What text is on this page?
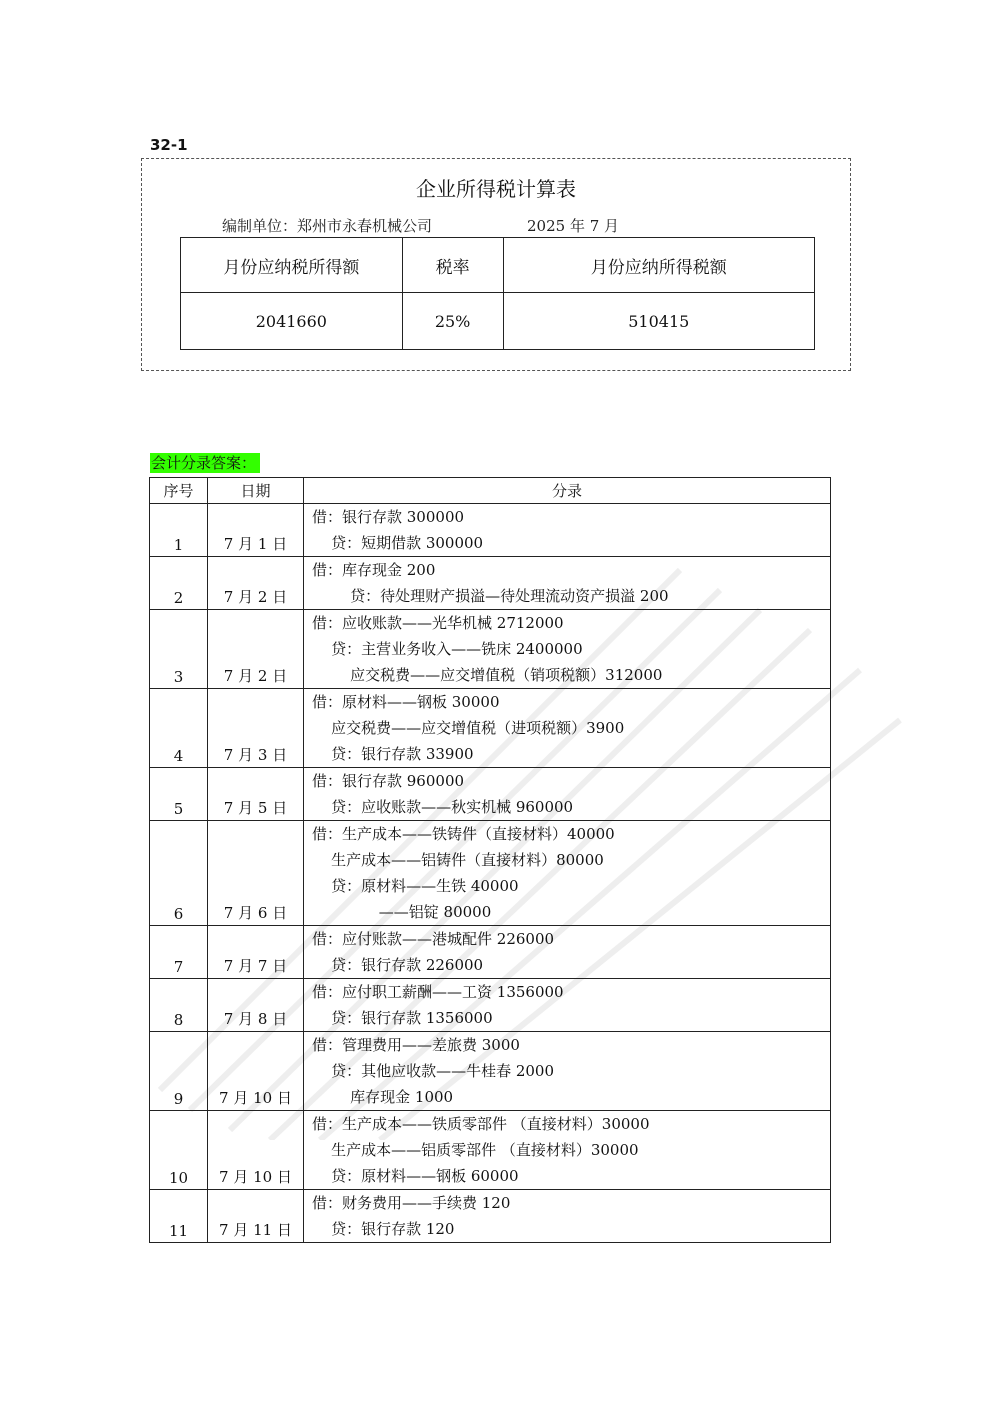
32-1
企业所得税计算表
编制单位：郑州市永春机械公司	2025 年 7 月
月份应纳税所得额	税率	月份应纳所得税额
2041660	25%	510415
会计分录答案：
序号	日期	分录
1	7 月 1 日	借：银行存款 300000
贷：短期借款 300000

2	7 月 2 日	借：库存现金 200
贷：待处理财产损溢—待处理流动资产损溢 200

3	7 月 2 日	借：应收账款——光华机械 2712000
贷：主营业务收入——铣床 2400000
应交税费——应交增值税（销项税额）312000

4	7 月 3 日	借：原材料——钢板 30000
应交税费——应交增值税（进项税额）3900
贷：银行存款 33900

5	7 月 5 日	借：银行存款 960000
贷：应收账款——秋实机械 960000

6	7 月 6 日	借：生产成本——铁铸件（直接材料）40000
生产成本——铝铸件（直接材料）80000
贷：原材料——生铁 40000
——铝锭 80000

7	7 月 7 日	借：应付账款——港城配件 226000
贷：银行存款 226000

8	7 月 8 日	借：应付职工薪酬——工资 1356000
贷：银行存款 1356000

9	7 月 10 日	借：管理费用——差旅费 3000
贷：其他应收款——牛桂春 2000
库存现金 1000

10	7 月 10 日	借：生产成本——铁质零部件 （直接材料）30000
生产成本——铝质零部件 （直接材料）30000
贷：原材料——钢板 60000

11	7 月 11 日	借：财务费用——手续费 120
贷：银行存款 120
